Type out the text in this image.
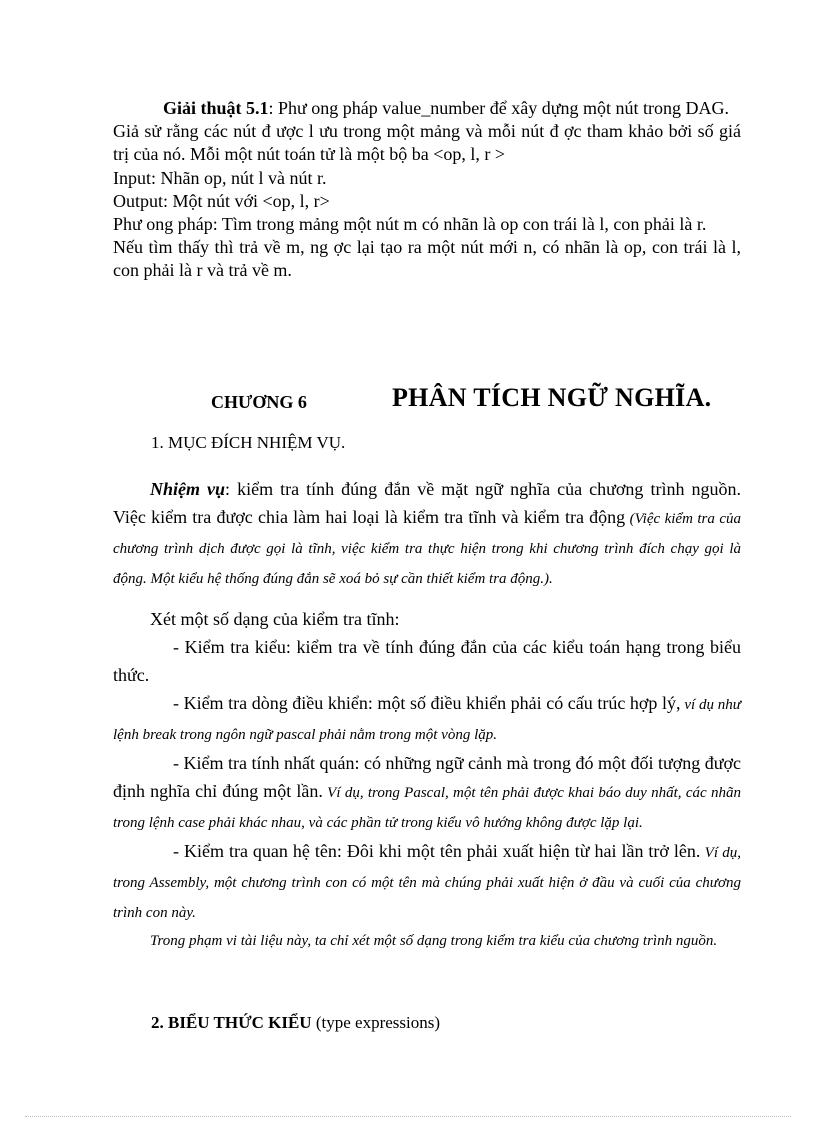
Giải thuật 5.1: Phư ong pháp value_number để xây dựng một nút trong DAG.

Giả sử rằng các nút đ ược l ưu trong một mảng và mỗi nút đ ợc tham khảo bởi số giá trị của nó. Mỗi một nút toán tử là một bộ ba <op, l, r >

Input: Nhãn op, nút l và nút r.

Output: Một nút với <op, l, r>

Phư ong pháp: Tìm trong mảng một nút m có nhãn là op con trái là l, con phải là r.

Nếu tìm thấy thì trả về m, ng ợc lại tạo ra một nút mới n, có nhãn là op, con trái là l, con phải là r và trả về m.

CHƯƠNG 6	PHÂN TÍCH NGỮ NGHĨA.
1. MỤC ĐÍCH NHIỆM VỤ.

Nhiệm vụ: kiểm tra tính đúng đắn về mặt ngữ nghĩa của chương trình nguồn. Việc kiểm tra được chia làm hai loại là kiểm tra tĩnh và kiểm tra động (Việc kiểm tra của chương trình dịch được gọi là tĩnh, việc kiểm tra thực hiện trong khi chương trình đích chạy gọi là động. Một kiểu hệ thống đúng đắn sẽ xoá bỏ sự cần thiết kiểm tra động.).

Xét một số dạng của kiểm tra tĩnh:

- Kiểm tra kiểu: kiểm tra về tính đúng đắn của các kiểu toán hạng trong biểu thức.

- Kiểm tra dòng điều khiển: một số điều khiển phải có cấu trúc hợp lý, ví dụ như lệnh break trong ngôn ngữ pascal phải nằm trong một vòng lặp.

- Kiểm tra tính nhất quán: có những ngữ cảnh mà trong đó một đối tượng được định nghĩa chỉ đúng một lần. Ví dụ, trong Pascal, một tên phải được khai báo duy nhất, các nhãn trong lệnh case phải khác nhau, và các phần tử trong kiểu vô hướng không được lặp lại.

- Kiểm tra quan hệ tên: Đôi khi một tên phải xuất hiện từ hai lần trở lên. Ví dụ, trong Assembly, một chương trình con có một tên mà chúng phải xuất hiện ở đầu và cuối của chương trình con này.

Trong phạm vi tài liệu này, ta chỉ xét một số dạng trong kiểm tra kiểu của chương trình nguồn.

2. BIỂU THỨC KIỂU (type expressions)
